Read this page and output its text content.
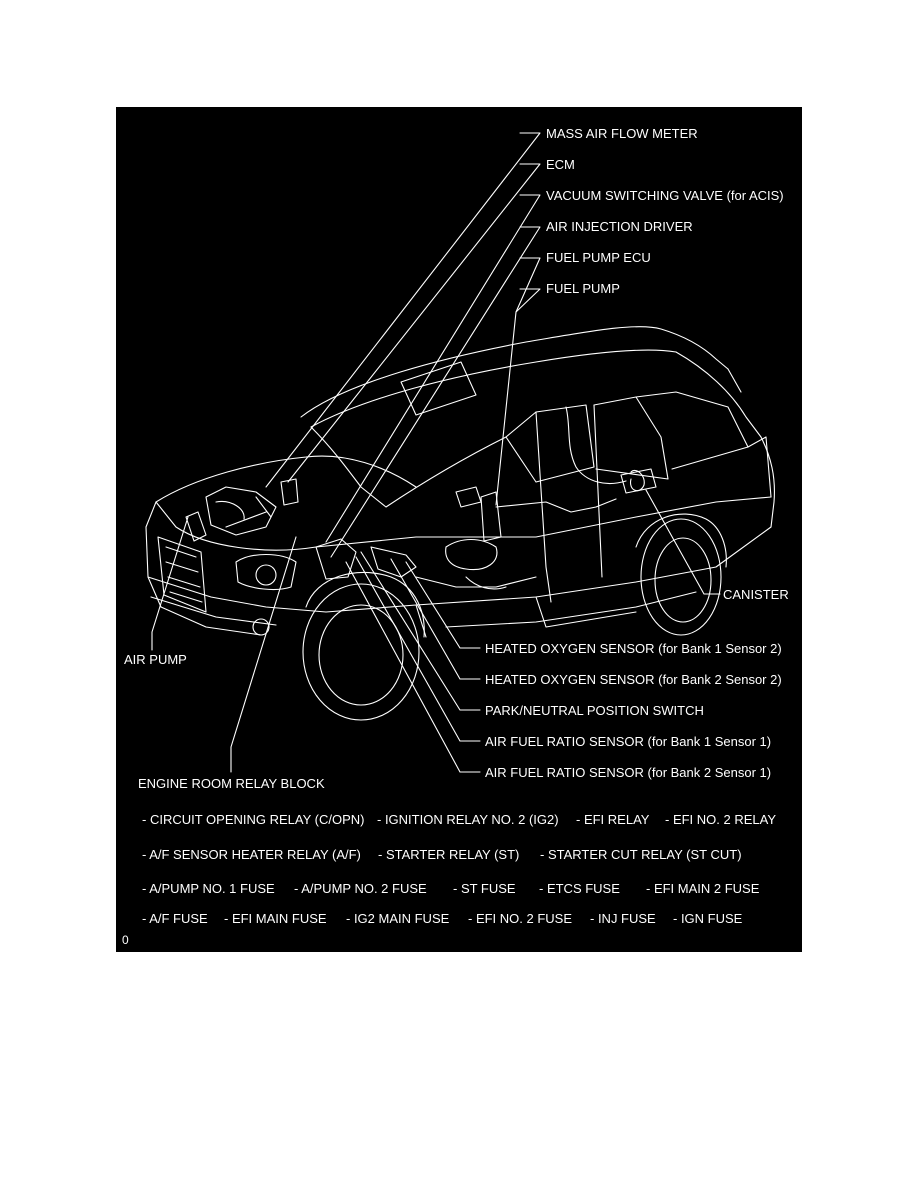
MASS AIR FLOW METER
ECM
VACUUM SWITCHING VALVE (for ACIS)
AIR INJECTION DRIVER
FUEL PUMP ECU
FUEL PUMP
CANISTER
AIR PUMP
HEATED OXYGEN SENSOR (for Bank 1 Sensor 2)
HEATED OXYGEN SENSOR (for Bank 2 Sensor 2)
PARK/NEUTRAL POSITION SWITCH
AIR FUEL RATIO SENSOR (for Bank 1 Sensor 1)
AIR FUEL RATIO SENSOR (for Bank 2 Sensor 1)
ENGINE ROOM RELAY BLOCK
- CIRCUIT OPENING RELAY (C/OPN) - IGNITION RELAY NO. 2 (IG2) - EFI RELAY - EFI NO. 2 RELAY
- A/F SENSOR HEATER RELAY (A/F) - STARTER RELAY (ST) - STARTER CUT RELAY (ST CUT)
- A/PUMP NO. 1 FUSE - A/PUMP NO. 2 FUSE - ST FUSE - ETCS FUSE - EFI MAIN 2 FUSE
- A/F FUSE - EFI MAIN FUSE - IG2 MAIN FUSE - EFI NO. 2 FUSE - INJ FUSE - IGN FUSE
0
